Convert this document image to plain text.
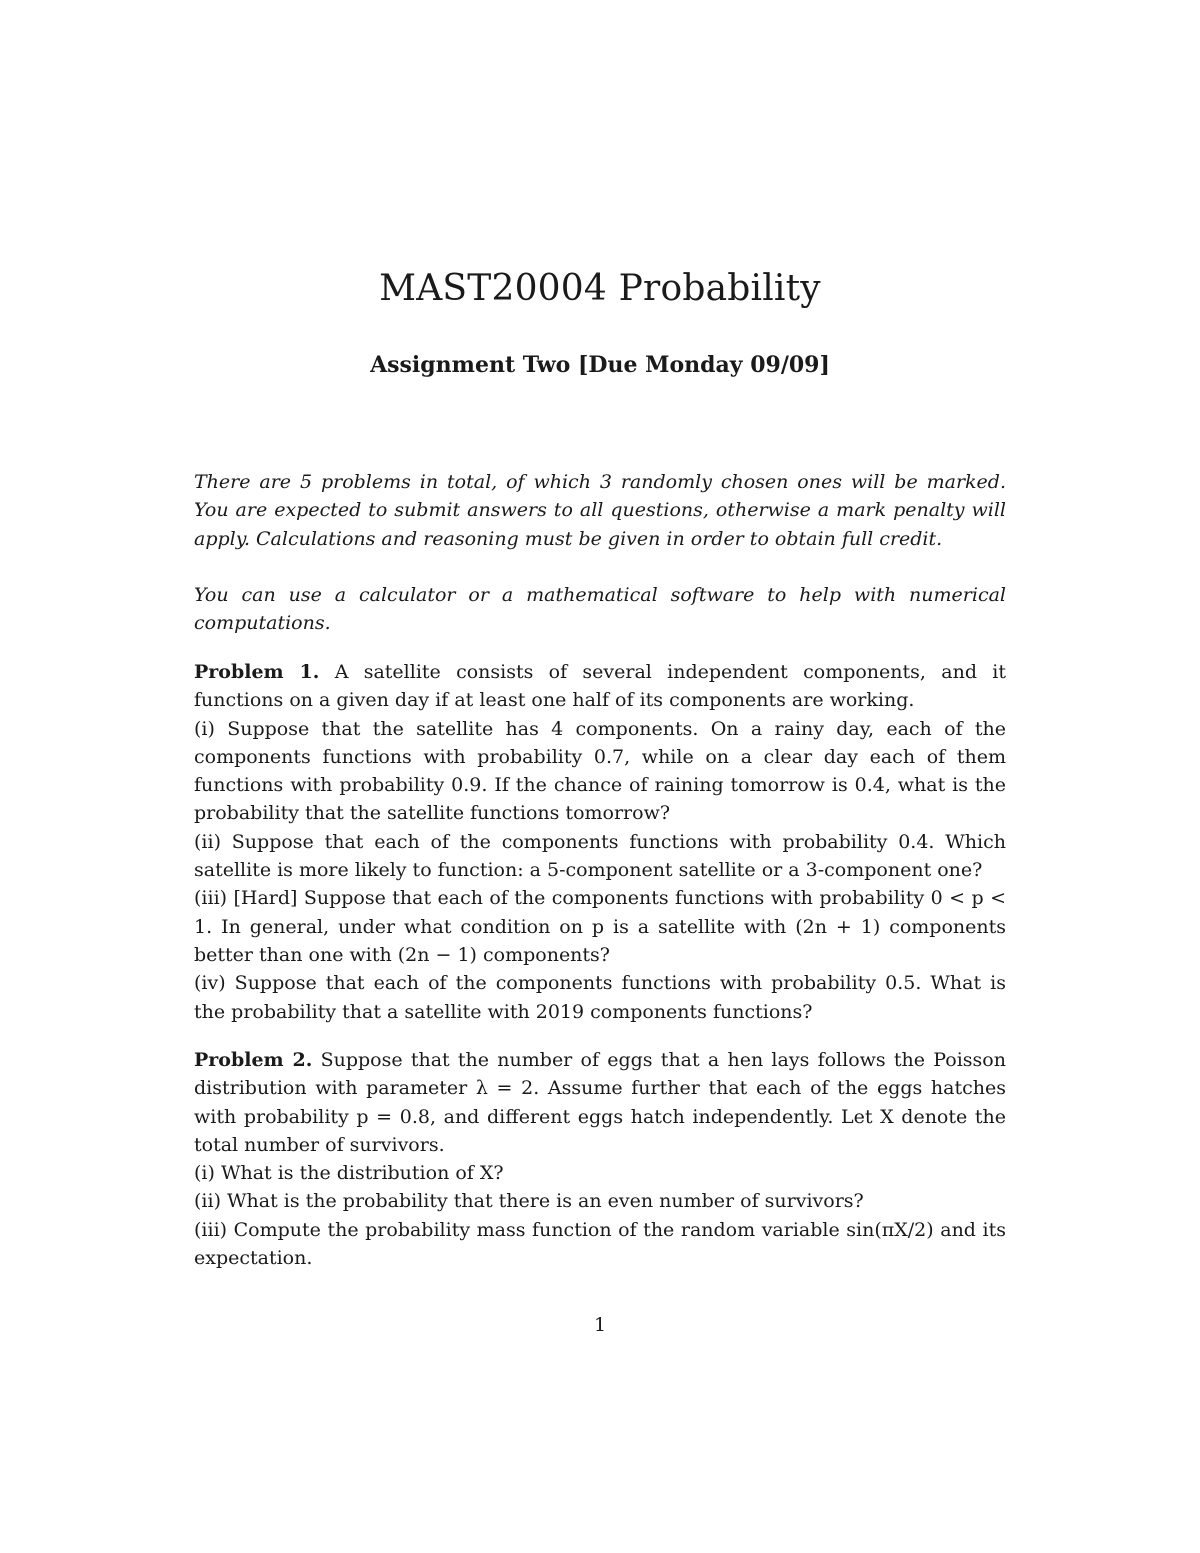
MAST20004 Probability
Assignment Two [Due Monday 09/09]

There are 5 problems in total, of which 3 randomly chosen ones will be marked. You are expected to submit answers to all questions, otherwise a mark penalty will apply. Calculations and reasoning must be given in order to obtain full credit.

You can use a calculator or a mathematical software to help with numerical computations.

Problem 1. A satellite consists of several independent components, and it functions on a given day if at least one half of its components are working.
(i) Suppose that the satellite has 4 components. On a rainy day, each of the components functions with probability 0.7, while on a clear day each of them functions with probability 0.9. If the chance of raining tomorrow is 0.4, what is the probability that the satellite functions tomorrow?
(ii) Suppose that each of the components functions with probability 0.4. Which satellite is more likely to function: a 5-component satellite or a 3-component one?
(iii) [Hard] Suppose that each of the components functions with probability 0 < p < 1. In general, under what condition on p is a satellite with (2n + 1) components better than one with (2n − 1) components?
(iv) Suppose that each of the components functions with probability 0.5. What is the probability that a satellite with 2019 components functions?
Problem 2. Suppose that the number of eggs that a hen lays follows the Poisson distribution with parameter λ = 2. Assume further that each of the eggs hatches with probability p = 0.8, and different eggs hatch independently. Let X denote the total number of survivors.
(i) What is the distribution of X?
(ii) What is the probability that there is an even number of survivors?
(iii) Compute the probability mass function of the random variable sin(πX/2) and its expectation.
1
